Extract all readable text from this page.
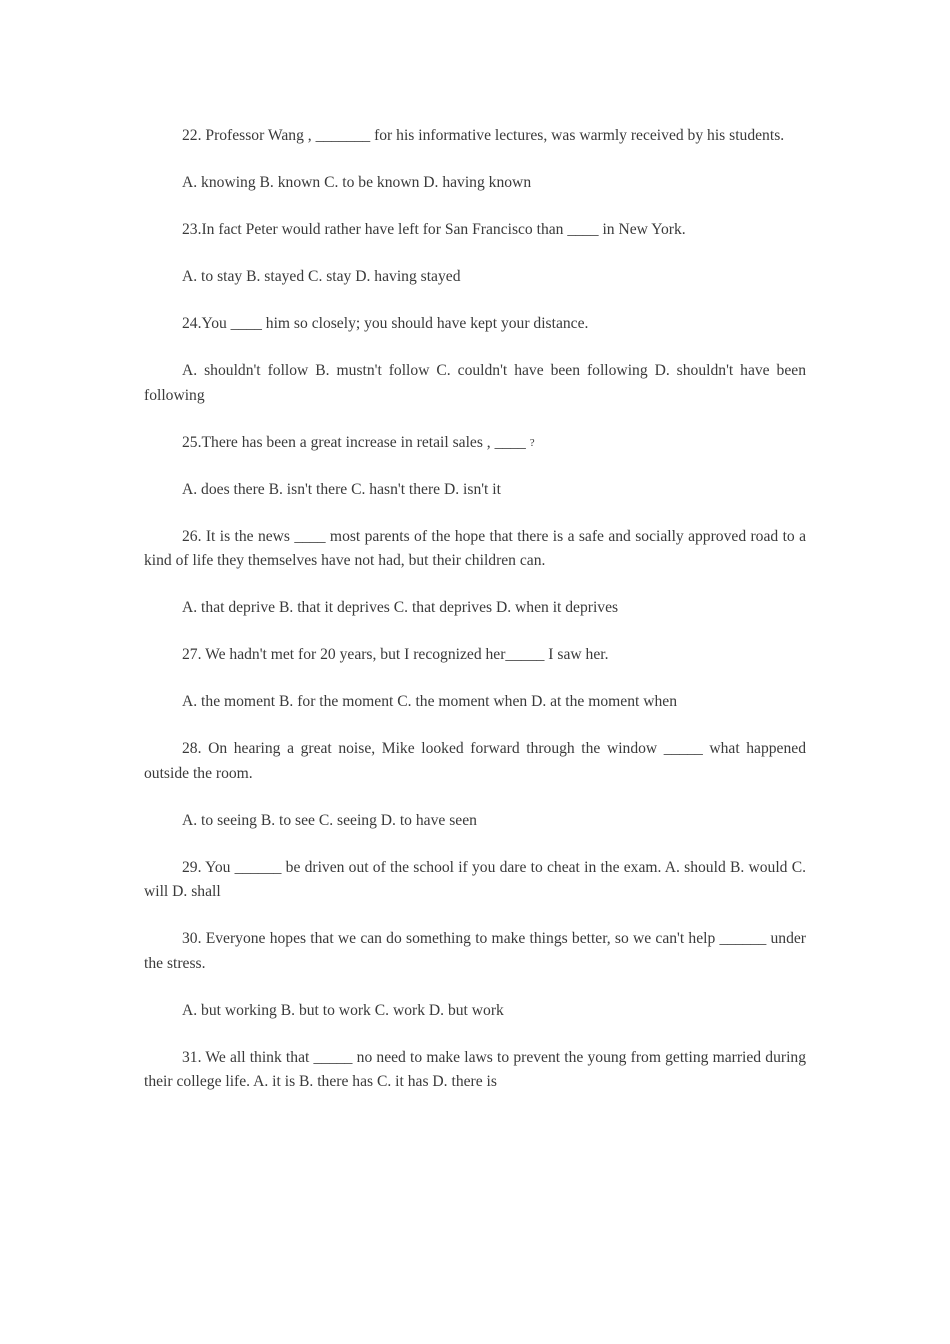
22. Professor Wang , _______ for his informative lectures, was warmly received by his students.

A. knowing B. known C. to be known D. having known

23.In fact Peter would rather have left for San Francisco than ____ in New York.

A. to stay B. stayed C. stay D. having stayed

24.You ____ him so closely; you should have kept your distance.

A. shouldn't follow B. mustn't follow C. couldn't have been following D. shouldn't have been following

25.There has been a great increase in retail sales , ____ ?

A. does there B. isn't there C. hasn't there D. isn't it

26. It is the news ____ most parents of the hope that there is a safe and socially approved road to a kind of life they themselves have not had, but their children can.

A. that deprive B. that it deprives C. that deprives D. when it deprives

27. We hadn't met for 20 years, but I recognized her_____ I saw her.

A. the moment B. for the moment C. the moment when D. at the moment when

28. On hearing a great noise, Mike looked forward through the window _____ what happened outside the room.

A. to seeing B. to see C. seeing D. to have seen

29. You ______ be driven out of the school if you dare to cheat in the exam. A. should B. would C. will D. shall

30. Everyone hopes that we can do something to make things better, so we can't help ______ under the stress.

A. but working B. but to work C. work D. but work

31. We all think that _____ no need to make laws to prevent the young from getting married during their college life. A. it is B. there has C. it has D. there is
